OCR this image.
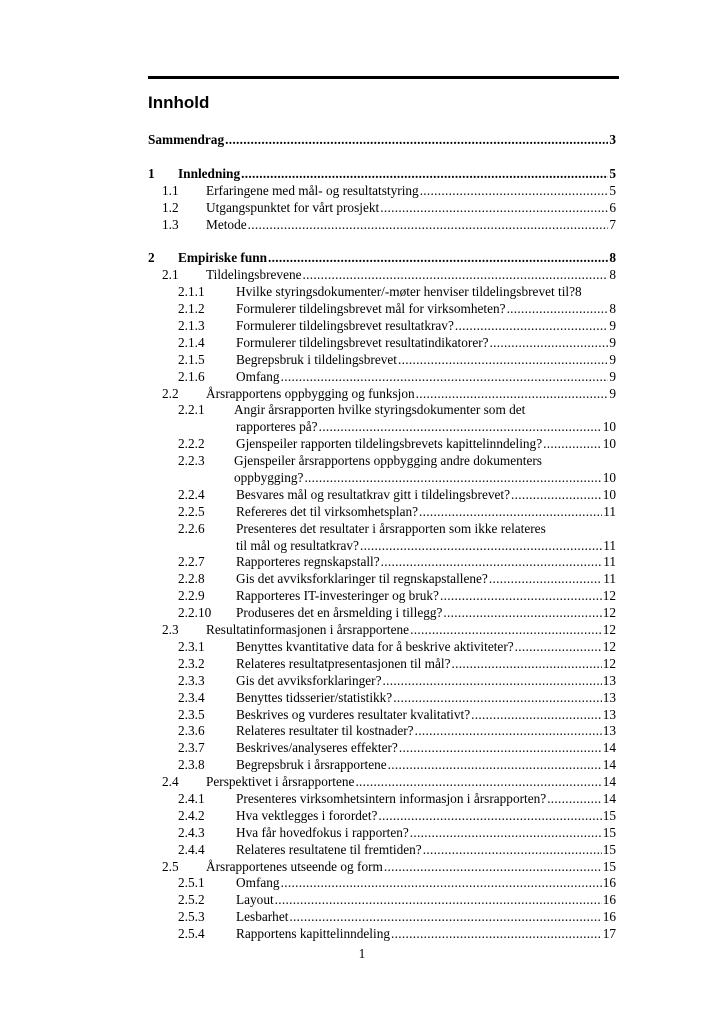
Innhold
Sammendrag .....	3
1 Innledning .....	5
1.1 Erfaringene med mål- og resultatstyring .....	5
1.2 Utgangspunktet for vårt prosjekt .....	6
1.3 Metode .....	7
2 Empiriske funn .....	8
2.1 Tildelingsbrevene .....	8
2.1.1 Hvilke styringsdokumenter/-møter henviser tildelingsbrevet til? 8
2.1.2 Formulerer tildelingsbrevet mål for virksomheten? .....	8
2.1.3 Formulerer tildelingsbrevet resultatkrav? .....	9
2.1.4 Formulerer tildelingsbrevet resultatindikatorer? .....	9
2.1.5 Begrepsbruk i tildelingsbrevet .....	9
2.1.6 Omfang .....	9
2.2 Årsrapportens oppbygging og funksjon .....	9
2.2.1 Angir årsrapporten hvilke styringsdokumenter som det
rapporteres på? .....	10
2.2.2 Gjenspeiler rapporten tildelingsbrevets kapittelinndeling? .....	10
2.2.3 Gjenspeiler årsrapportens oppbygging andre dokumenters
oppbygging? .....	10
2.2.4 Besvares mål og resultatkrav gitt i tildelingsbrevet? .....	10
2.2.5 Refereres det til virksomhetsplan? .....	11
2.2.6 Presenteres det resultater i årsrapporten som ikke relateres
til mål og resultatkrav? .....	11
2.2.7 Rapporteres regnskapstall? .....	11
2.2.8 Gis det avviksforklaringer til regnskapstallene? .....	11
2.2.9 Rapporteres IT-investeringer og bruk? .....	12
2.2.10 Produseres det en årsmelding i tillegg? .....	12
2.3 Resultatinformasjonen i årsrapportene .....	12
2.3.1 Benyttes kvantitative data for å beskrive aktiviteter? .....	12
2.3.2 Relateres resultatpresentasjonen til mål? .....	12
2.3.3 Gis det avviksforklaringer? .....	13
2.3.4 Benyttes tidsserier/statistikk? .....	13
2.3.5 Beskrives og vurderes resultater kvalitativt? .....	13
2.3.6 Relateres resultater til kostnader? .....	13
2.3.7 Beskrives/analyseres effekter? .....	14
2.3.8 Begrepsbruk i årsrapportene .....	14
2.4 Perspektivet i årsrapportene .....	14
2.4.1 Presenteres virksomhetsintern informasjon i årsrapporten? .....	14
2.4.2 Hva vektlegges i forordet? .....	15
2.4.3 Hva får hovedfokus i rapporten? .....	15
2.4.4 Relateres resultatene til fremtiden? .....	15
2.5 Årsrapportenes utseende og form .....	15
2.5.1 Omfang .....	16
2.5.2 Layout .....	16
2.5.3 Lesbarhet .....	16
2.5.4 Rapportens kapittelinndeling .....	17
1
